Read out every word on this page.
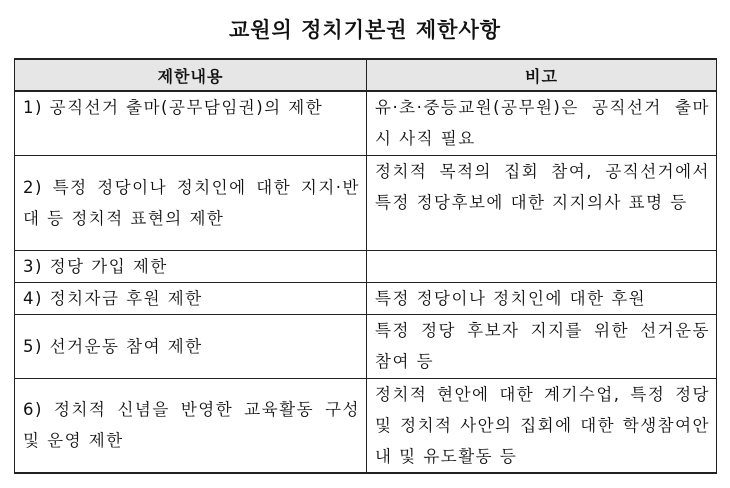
교원의 정치기본권 제한사항
제한내용	비고
1) 공직선거 출마(공무담임권)의 제한	유·초·중등교원(공무원)은 공직선거 출마시 사직 필요
2) 특정 정당이나 정치인에 대한 지지·반대 등 정치적 표현의 제한	정치적 목적의 집회 참여, 공직선거에서 특정 정당후보에 대한 지지의사 표명 등
3) 정당 가입 제한	
4) 정치자금 후원 제한	특정 정당이나 정치인에 대한 후원
5) 선거운동 참여 제한	특정 정당 후보자 지지를 위한 선거운동 참여 등
6) 정치적 신념을 반영한 교육활동 구성 및 운영 제한	정치적 현안에 대한 계기수업, 특정 정당 및 정치적 사안의 집회에 대한 학생참여안내 및 유도활동 등
